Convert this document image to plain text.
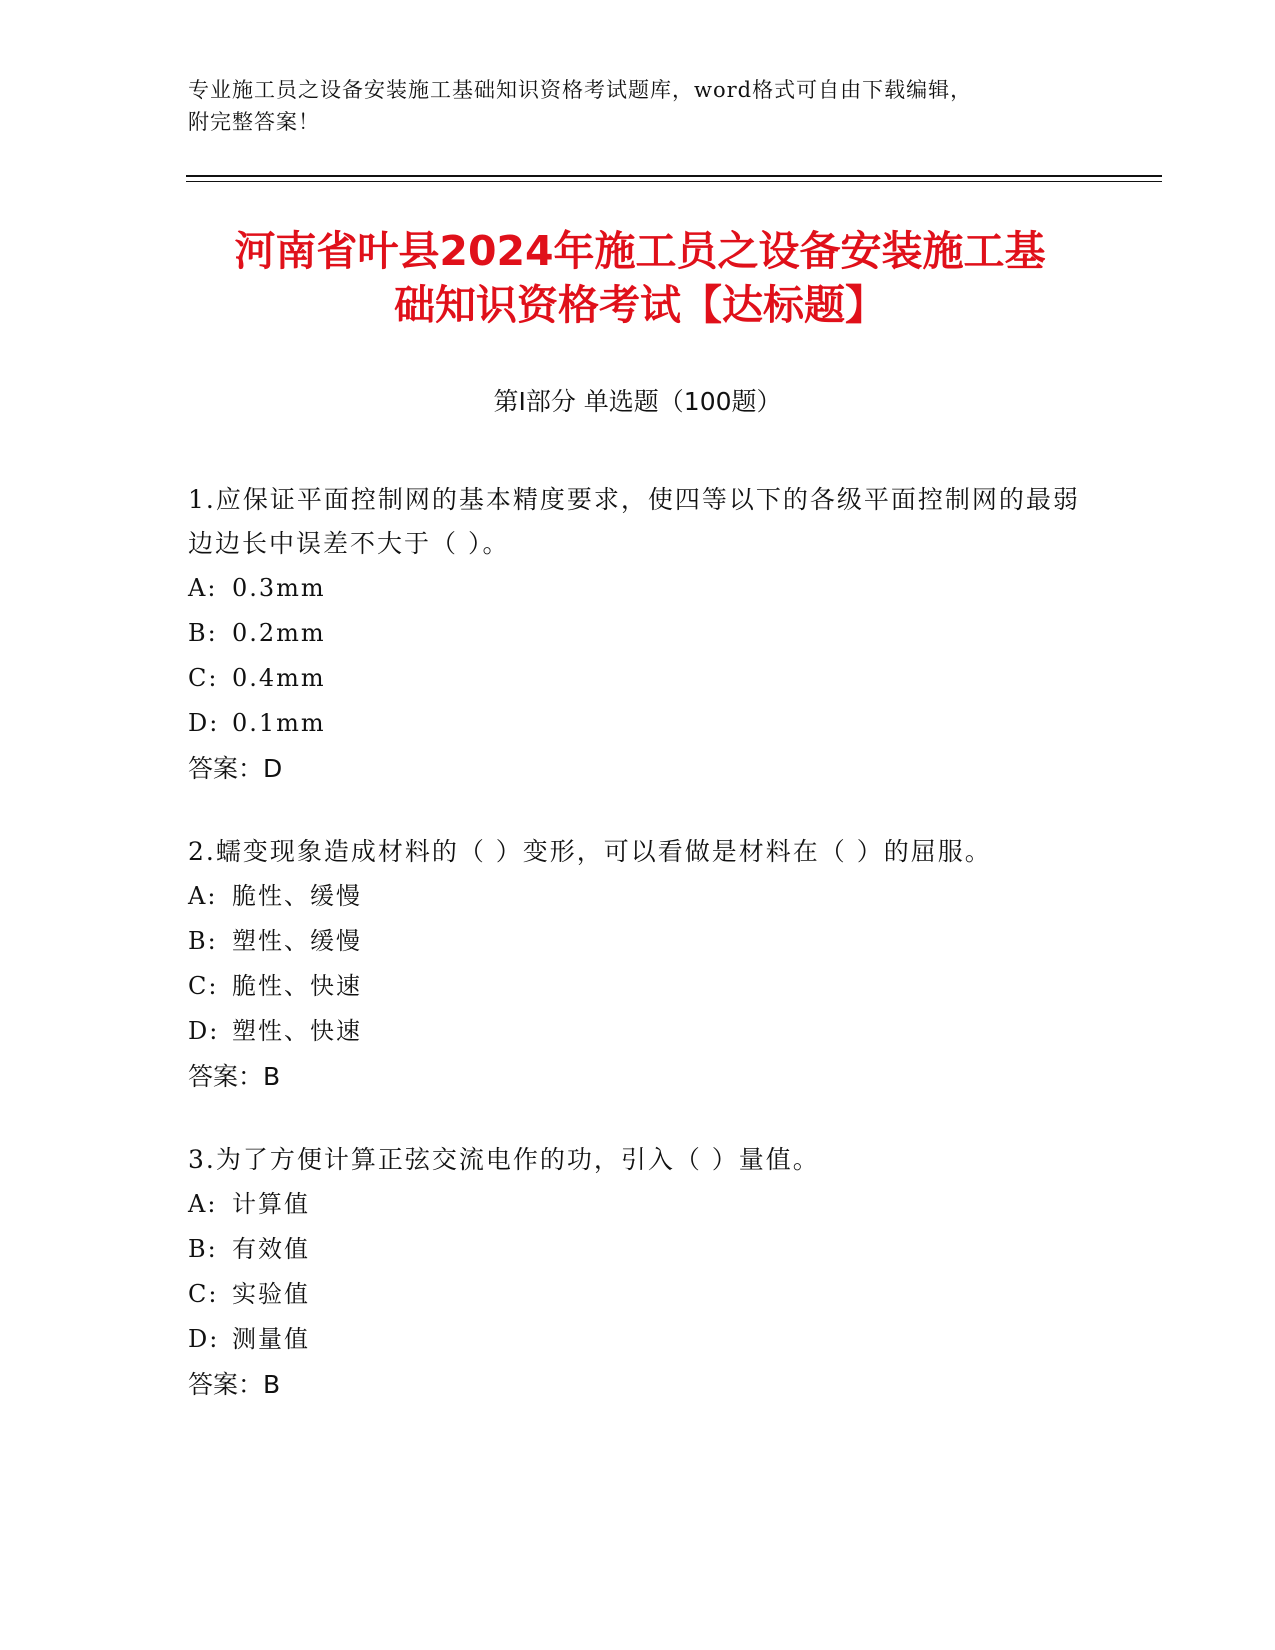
专业施工员之设备安装施工基础知识资格考试题库，word格式可自由下载编辑，
附完整答案！
河南省叶县2024年施工员之设备安装施工基
础知识资格考试【达标题】
第Ⅰ部分 单选题（100题）

1.应保证平面控制网的基本精度要求，使四等以下的各级平面控制网的最弱边边长中误差不大于（ ）。

A: 0.3mm

B: 0.2mm

C: 0.4mm

D: 0.1mm

答案：D

2.蠕变现象造成材料的（ ）变形，可以看做是材料在（ ）的屈服。

A: 脆性、缓慢

B: 塑性、缓慢

C: 脆性、快速

D: 塑性、快速

答案：B

3.为了方便计算正弦交流电作的功，引入（ ）量值。

A: 计算值

B: 有效值

C: 实验值

D: 测量值

答案：B
